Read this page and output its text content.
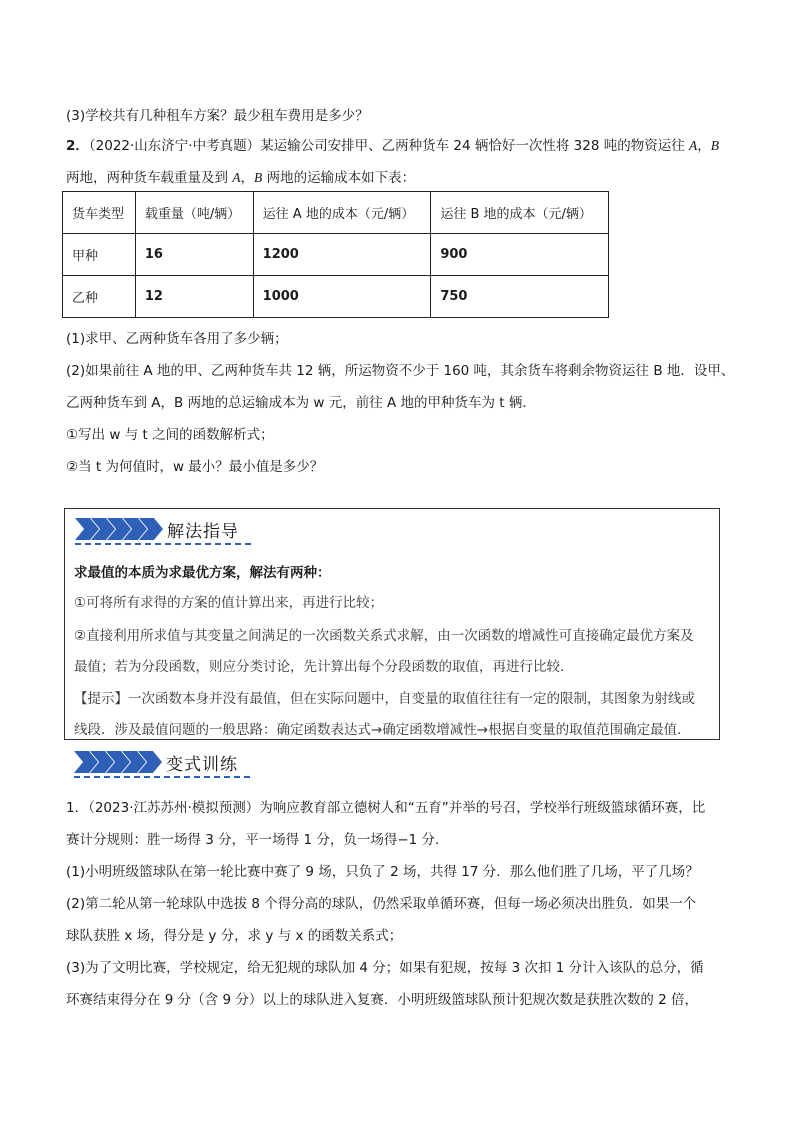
(3)学校共有几种租车方案？最少租车费用是多少？
2．（2022·山东济宁·中考真题）某运输公司安排甲、乙两种货车 24 辆恰好一次性将 328 吨的物资运往 A，B
两地，两种货车载重量及到 A，B 两地的运输成本如下表：
货车类型	载重量（吨/辆）	运往 A 地的成本（元/辆）	运往 B 地的成本（元/辆）
甲种	16	1200	900
乙种	12	1000	750
(1)求甲、乙两种货车各用了多少辆；
(2)如果前往 A 地的甲、乙两种货车共 12 辆，所运物资不少于 160 吨，其余货车将剩余物资运往 B 地．设甲、
乙两种货车到 A，B 两地的总运输成本为 w 元，前往 A 地的甲种货车为 t 辆．
①写出 w 与 t 之间的函数解析式；
②当 t 为何值时，w 最小？最小值是多少？
解法指导
求最值的本质为求最优方案，解法有两种：
①可将所有求得的方案的值计算出来，再进行比较；
②直接利用所求值与其变量之间满足的一次函数关系式求解，由一次函数的增减性可直接确定最优方案及
最值；若为分段函数，则应分类讨论，先计算出每个分段函数的取值，再进行比较．
【提示】一次函数本身并没有最值，但在实际问题中，自变量的取值往往有一定的限制，其图象为射线或
线段．涉及最值问题的一般思路：确定函数表达式→确定函数增减性→根据自变量的取值范围确定最值．
变式训练
1．（2023·江苏苏州·模拟预测）为响应教育部立德树人和“五育”并举的号召，学校举行班级篮球循环赛，比
赛计分规则：胜一场得 3 分，平一场得 1 分，负一场得−1 分．
(1)小明班级篮球队在第一轮比赛中赛了 9 场，只负了 2 场，共得 17 分．那么他们胜了几场，平了几场？
(2)第二轮从第一轮球队中选拔 8 个得分高的球队，仍然采取单循环赛，但每一场必须决出胜负．如果一个
球队获胜 x 场，得分是 y 分，求 y 与 x 的函数关系式；
(3)为了文明比赛，学校规定，给无犯规的球队加 4 分；如果有犯规，按每 3 次扣 1 分计入该队的总分，循
环赛结束得分在 9 分（含 9 分）以上的球队进入复赛．小明班级篮球队预计犯规次数是获胜次数的 2 倍，
